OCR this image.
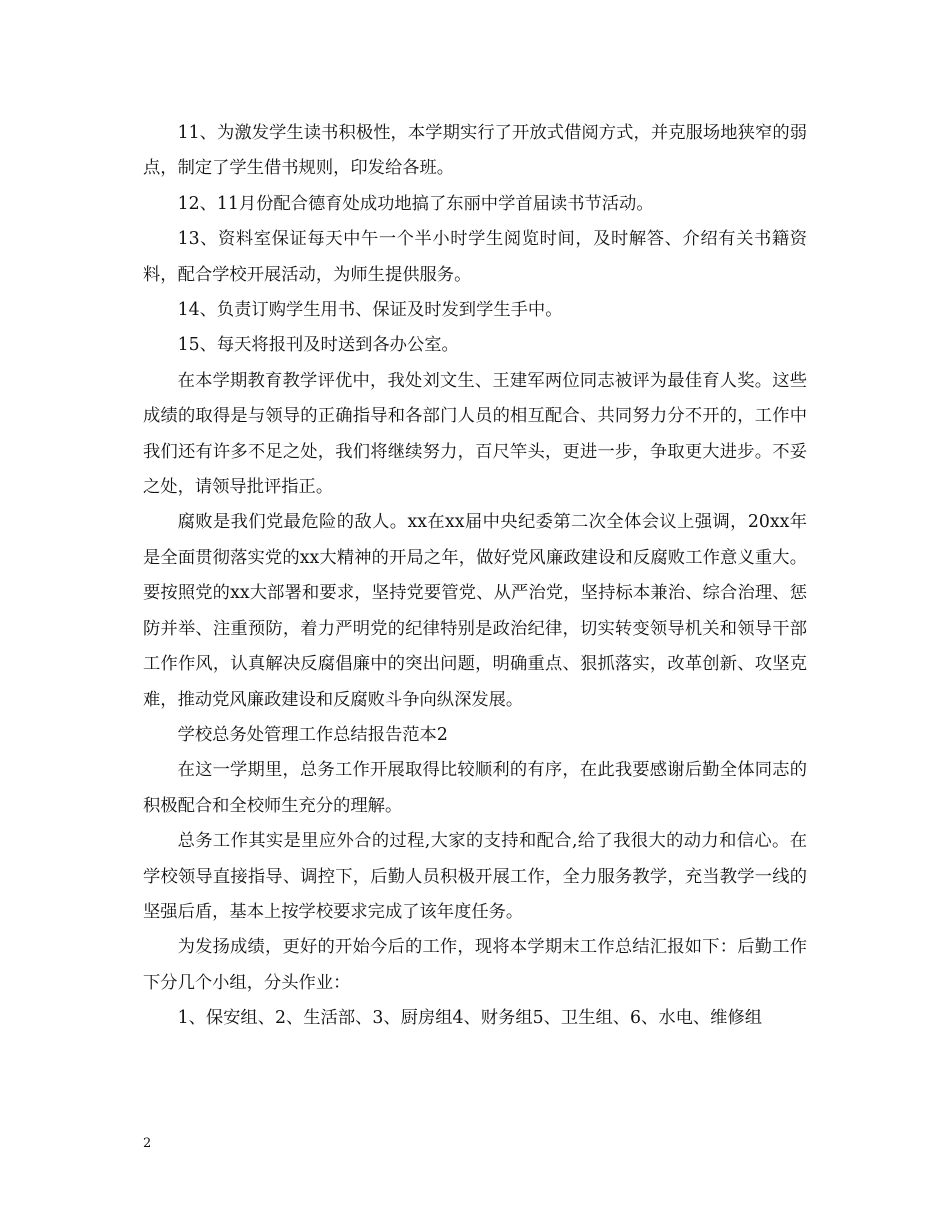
11、为激发学生读书积极性，本学期实行了开放式借阅方式，并克服场地狭窄的弱点，制定了学生借书规则，印发给各班。

12、11月份配合德育处成功地搞了东丽中学首届读书节活动。

13、资料室保证每天中午一个半小时学生阅览时间，及时解答、介绍有关书籍资料，配合学校开展活动，为师生提供服务。

14、负责订购学生用书、保证及时发到学生手中。

15、每天将报刊及时送到各办公室。

在本学期教育教学评优中，我处刘文生、王建军两位同志被评为最佳育人奖。这些成绩的取得是与领导的正确指导和各部门人员的相互配合、共同努力分不开的，工作中我们还有许多不足之处，我们将继续努力，百尺竿头，更进一步，争取更大进步。不妥之处，请领导批评指正。

腐败是我们党最危险的敌人。xx在xx届中央纪委第二次全体会议上强调，20xx年是全面贯彻落实党的xx大精神的开局之年，做好党风廉政建设和反腐败工作意义重大。要按照党的xx大部署和要求，坚持党要管党、从严治党，坚持标本兼治、综合治理、惩防并举、注重预防，着力严明党的纪律特别是政治纪律，切实转变领导机关和领导干部工作作风，认真解决反腐倡廉中的突出问题，明确重点、狠抓落实，改革创新、攻坚克难，推动党风廉政建设和反腐败斗争向纵深发展。

学校总务处管理工作总结报告范本2

在这一学期里，总务工作开展取得比较顺利的有序，在此我要感谢后勤全体同志的积极配合和全校师生充分的理解。

总务工作其实是里应外合的过程,大家的支持和配合,给了我很大的动力和信心。在学校领导直接指导、调控下，后勤人员积极开展工作，全力服务教学，充当教学一线的坚强后盾，基本上按学校要求完成了该年度任务。

为发扬成绩，更好的开始今后的工作，现将本学期末工作总结汇报如下：后勤工作下分几个小组，分头作业：

1、保安组、2、生活部、3、厨房组4、财务组5、卫生组、6、水电、维修组

2
